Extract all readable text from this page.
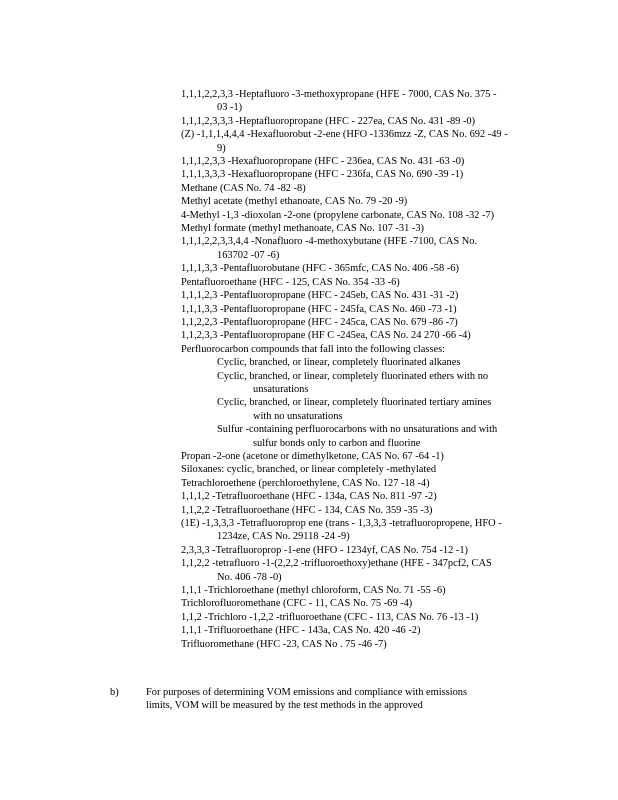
1,1,1,2,2,3,3 -Heptafluoro -3-methoxypropane (HFE - 7000, CAS No. 375 -
03 -1)
1,1,1,2,3,3,3 -Heptafluoropropane (HFC - 227ea, CAS No. 431 -89 -0)
(Z) -1,1,1,4,4,4 -Hexafluorobut -2-ene (HFO -1336mzz -Z, CAS No. 692 -49 -
9)
1,1,1,2,3,3 -Hexafluoropropane (HFC - 236ea, CAS No. 431 -63 -0)
1,1,1,3,3,3 -Hexafluoropropane (HFC - 236fa, CAS No. 690 -39 -1)
Methane (CAS No. 74 -82 -8)
Methyl acetate (methyl ethanoate, CAS No. 79 -20 -9)
4-Methyl -1,3 -dioxolan -2-one (propylene carbonate, CAS No. 108 -32 -7)
Methyl formate (methyl methanoate, CAS No. 107 -31 -3)
1,1,1,2,2,3,3,4,4 -Nonafluoro -4-methoxybutane (HFE -7100, CAS No.
163702 -07 -6)
1,1,1,3,3 -Pentafluorobutane (HFC - 365mfc, CAS No. 406 -58 -6)
Pentafluoroethane (HFC - 125, CAS No. 354 -33 -6)
1,1,1,2,3 -Pentafluoropropane (HFC - 245eb, CAS No. 431 -31 -2)
1,1,1,3,3 -Pentafluoropropane (HFC - 245fa, CAS No. 460 -73 -1)
1,1,2,2,3 -Pentafluoropropane (HFC - 245ca, CAS No. 679 -86 -7)
1,1,2,3,3 -Pentafluoropropane (HF C -245ea, CAS No. 24 270 -66 -4)
Perfluorocarbon compounds that fall into the following classes:
Cyclic, branched, or linear, completely fluorinated alkanes
Cyclic, branched, or linear, completely fluorinated ethers with no
unsaturations
Cyclic, branched, or linear, completely fluorinated tertiary amines
with no unsaturations
Sulfur -containing perfluorocarbons with no unsaturations and with
sulfur bonds only to carbon and fluorine
Propan -2-one (acetone or dimethylketone, CAS No. 67 -64 -1)
Siloxanes: cyclic, branched, or linear completely -methylated
Tetrachloroethene (perchloroethylene, CAS No. 127 -18 -4)
1,1,1,2 -Tetrafluoroethane (HFC - 134a, CAS No. 811 -97 -2)
1,1,2,2 -Tetrafluoroethane (HFC - 134, CAS No. 359 -35 -3)
(1E) -1,3,3,3 -Tetrafluoroprop ene (trans - 1,3,3,3 -tetrafluoropropene, HFO -
1234ze, CAS No. 29118 -24 -9)
2,3,3,3 -Tetrafluoroprop -1-ene (HFO - 1234yf, CAS No. 754 -12 -1)
1,1,2,2 -tetrafluoro -1-(2,2,2 -trifluoroethoxy)ethane (HFE - 347pcf2, CAS
No. 406 -78 -0)
1,1,1 -Trichloroethane (methyl chloroform, CAS No. 71 -55 -6)
Trichlorofluoromethane (CFC - 11, CAS No. 75 -69 -4)
1,1,2 -Trichloro -1,2,2 -trifluoroethane (CFC - 113, CAS No. 76 -13 -1)
1,1,1 -Trifluoroethane (HFC - 143a, CAS No. 420 -46 -2)
Trifluoromethane (HFC -23, CAS No . 75 -46 -7)
b)	For purposes of determining VOM emissions and compliance with emissions
limits, VOM will be measured by the test methods in the approved
